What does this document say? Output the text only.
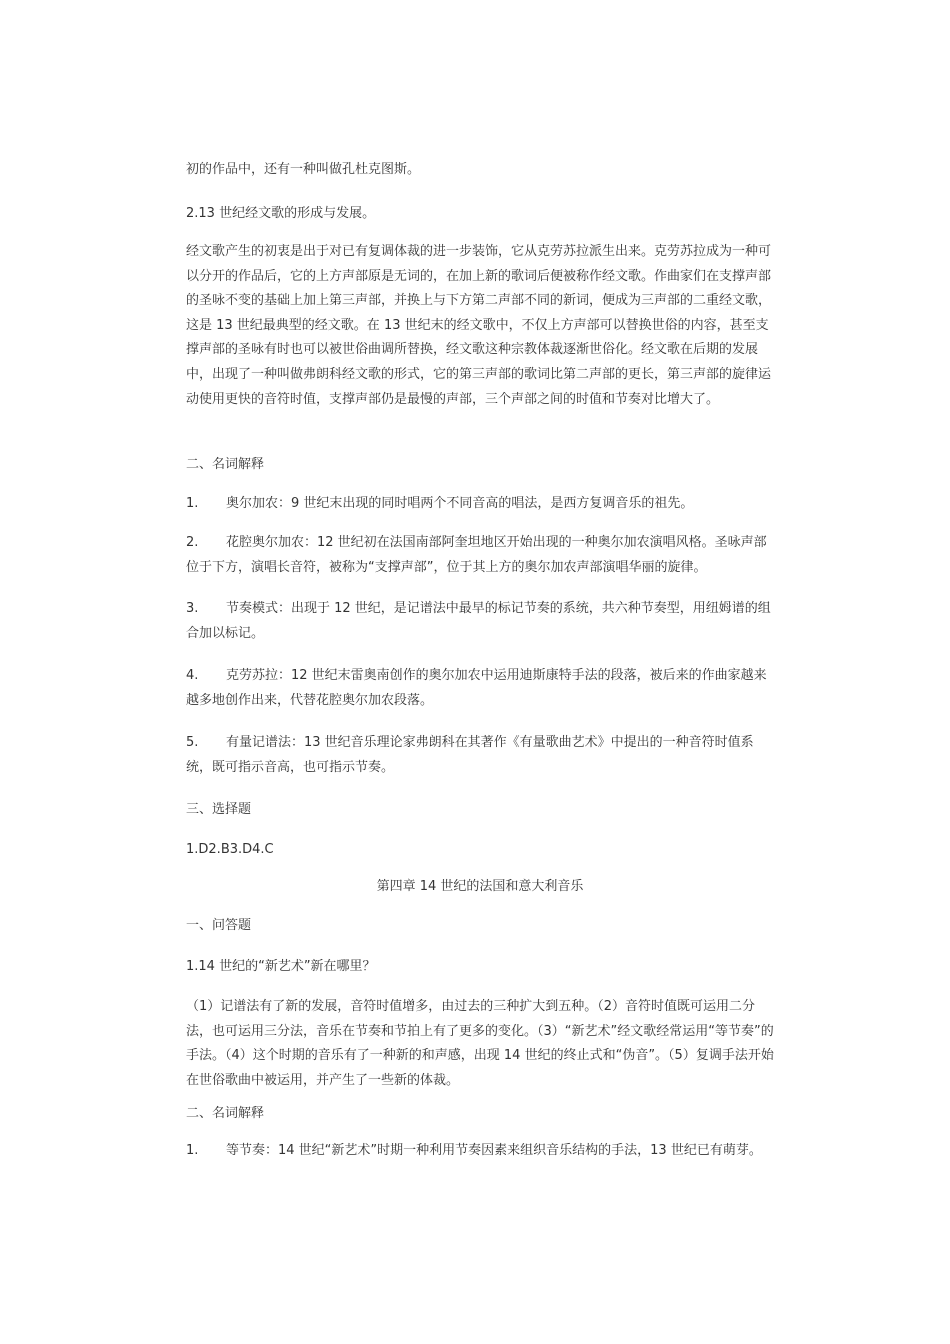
初的作品中，还有一种叫做孔杜克图斯。

2.13 世纪经文歌的形成与发展。

经文歌产生的初衷是出于对已有复调体裁的进一步装饰，它从克劳苏拉派生出来。克劳苏拉成为一种可以分开的作品后，它的上方声部原是无词的，在加上新的歌词后便被称作经文歌。作曲家们在支撑声部的圣咏不变的基础上加上第三声部，并换上与下方第二声部不同的新词，便成为三声部的二重经文歌，这是 13 世纪最典型的经文歌。在 13 世纪末的经文歌中，不仅上方声部可以替换世俗的内容，甚至支撑声部的圣咏有时也可以被世俗曲调所替换，经文歌这种宗教体裁逐渐世俗化。经文歌在后期的发展中，出现了一种叫做弗朗科经文歌的形式，它的第三声部的歌词比第二声部的更长，第三声部的旋律运动使用更快的音符时值，支撑声部仍是最慢的声部，三个声部之间的时值和节奏对比增大了。

二、名词解释

1. 奥尔加农：9 世纪末出现的同时唱两个不同音高的唱法，是西方复调音乐的祖先。

2. 花腔奥尔加农：12 世纪初在法国南部阿奎坦地区开始出现的一种奥尔加农演唱风格。圣咏声部位于下方，演唱长音符，被称为“支撑声部”，位于其上方的奥尔加农声部演唱华丽的旋律。

3. 节奏模式：出现于 12 世纪，是记谱法中最早的标记节奏的系统，共六种节奏型，用纽姆谱的组合加以标记。

4. 克劳苏拉：12 世纪末雷奥南创作的奥尔加农中运用迪斯康特手法的段落，被后来的作曲家越来越多地创作出来，代替花腔奥尔加农段落。

5. 有量记谱法：13 世纪音乐理论家弗朗科在其著作《有量歌曲艺术》中提出的一种音符时值系统，既可指示音高，也可指示节奏。

三、选择题

1.D2.B3.D4.C

第四章 14 世纪的法国和意大利音乐

一、问答题

1.14 世纪的“新艺术”新在哪里？

（1）记谱法有了新的发展，音符时值增多，由过去的三种扩大到五种。（2）音符时值既可运用二分法，也可运用三分法，音乐在节奏和节拍上有了更多的变化。（3）“新艺术”经文歌经常运用“等节奏”的手法。（4）这个时期的音乐有了一种新的和声感，出现 14 世纪的终止式和“伪音”。（5）复调手法开始在世俗歌曲中被运用，并产生了一些新的体裁。

二、名词解释

1. 等节奏：14 世纪“新艺术”时期一种利用节奏因素来组织音乐结构的手法，13 世纪已有萌芽。
